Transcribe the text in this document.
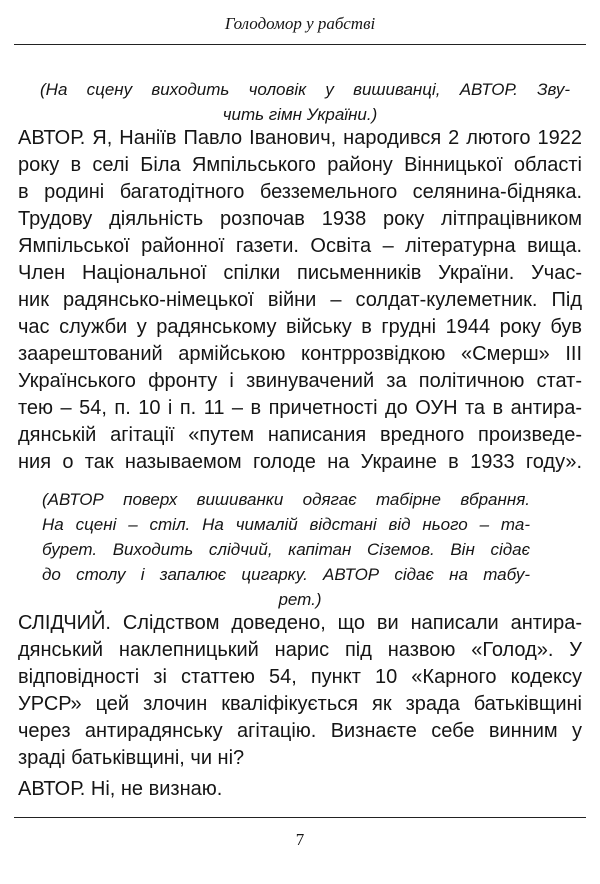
Голодомор у рабстві
(На сцену виходить чоловік у вишиванці, АВТОР. Зву-
чить гімн України.)
АВТОР. Я, Наніїв Павло Іванович, народився 2 лютого 1922
року в селі Біла Ямпільського району Вінницької області
в родині багатодітного безземельного селянина-бідняка.
Трудову діяльність розпочав 1938 року літпрацівником
Ямпільської районної газети. Освіта – літературна вища.
Член Національної спілки письменників України. Учас-
ник радянсько-німецької війни – солдат-кулеметник. Під
час служби у радянському війську в грудні 1944 року був
заарештований армійською контррозвідкою «Смерш» III
Українського фронту і звинувачений за політичною стат-
тею – 54, п. 10 і п. 11 – в причетності до ОУН та в антира-
дянській агітації «путем написания вредного произведе-
ния о так называемом голоде на Украине в 1933 году».
(АВТОР поверх вишиванки одягає табірне вбрання.
На сцені – стіл. На чималій відстані від нього – та-
бурет. Виходить слідчий, капітан Сіземов. Він сідає
до столу і запалює цигарку. АВТОР сідає на табу-
рет.)
СЛІДЧИЙ. Слідством доведено, що ви написали антира-
дянський наклепницький нарис під назвою «Голод». У
відповідності зі статтею 54, пункт 10 «Карного кодексу
УРСР» цей злочин кваліфікується як зрада батьківщині
через антирадянську агітацію. Визнаєте себе винним у
зраді батьківщині, чи ні?
АВТОР. Ні, не визнаю.
7
